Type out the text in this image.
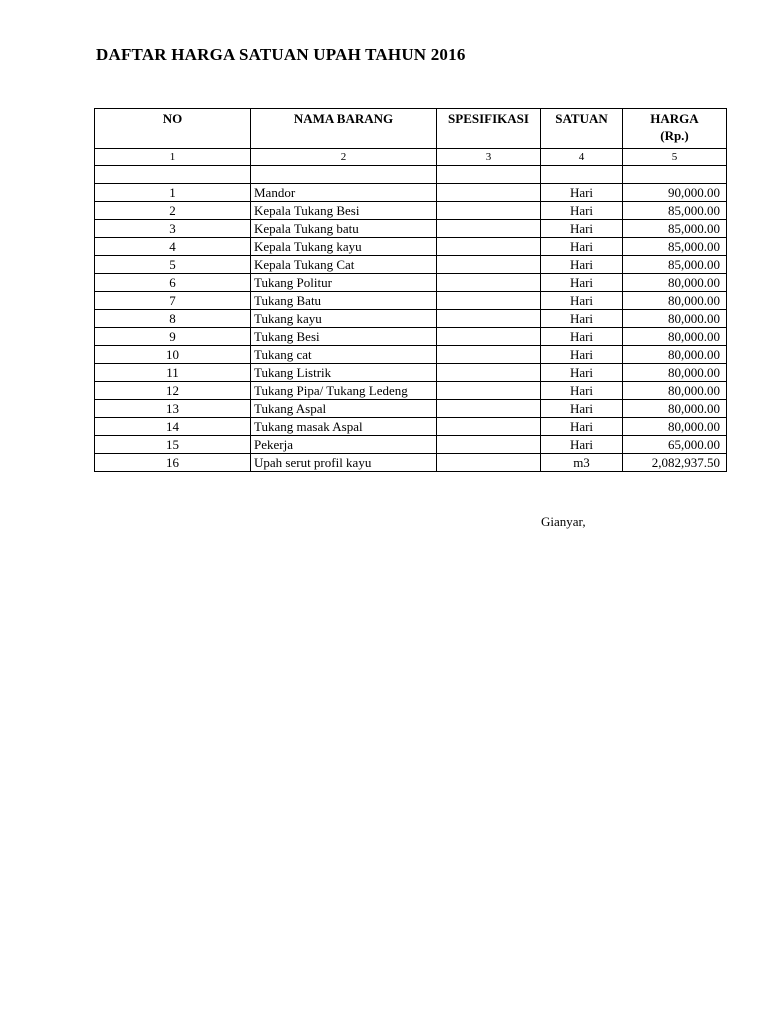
DAFTAR HARGA SATUAN UPAH TAHUN 2016
NO	NAMA BARANG	SPESIFIKASI	SATUAN	HARGA
(Rp.)
1	2	3	4	5

1	Mandor		Hari	90,000.00
2	Kepala Tukang Besi		Hari	85,000.00
3	Kepala Tukang batu		Hari	85,000.00
4	Kepala Tukang kayu		Hari	85,000.00
5	Kepala Tukang Cat		Hari	85,000.00
6	Tukang Politur		Hari	80,000.00
7	Tukang Batu		Hari	80,000.00
8	Tukang kayu		Hari	80,000.00
9	Tukang Besi		Hari	80,000.00
10	Tukang cat		Hari	80,000.00
11	Tukang Listrik		Hari	80,000.00
12	Tukang Pipa/ Tukang Ledeng		Hari	80,000.00
13	Tukang Aspal		Hari	80,000.00
14	Tukang masak Aspal		Hari	80,000.00
15	Pekerja		Hari	65,000.00
16	Upah serut profil kayu		m3	2,082,937.50
Gianyar,
